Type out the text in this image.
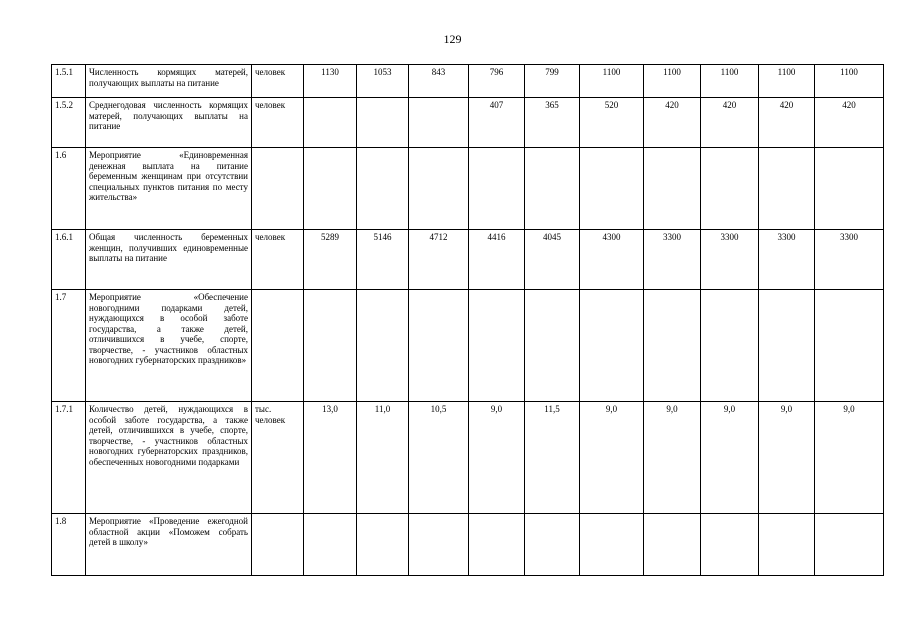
129
1.5.1	Численность кормящих матерей, получающих выплаты на питание	человек	1130	1053	843	796	799	1100	1100	1100	1100	1100
1.5.2	Среднегодовая численность кормящих матерей, получающих выплаты на питание	человек				407	365	520	420	420	420	420
1.6	Мероприятие «Единовременная денежная выплата на питание беременным женщинам при отсутствии специальных пунктов питания по месту жительства»											
1.6.1	Общая численность беременных женщин, получивших единовременные выплаты на питание	человек	5289	5146	4712	4416	4045	4300	3300	3300	3300	3300
1.7	Мероприятие «Обеспечение новогодними подарками детей, нуждающихся в особой заботе государства, а также детей, отличившихся в учебе, спорте, творчестве, - участников областных новогодних губернаторских праздников»											
1.7.1	Количество детей, нуждающихся в особой заботе государства, а также детей, отличившихся в учебе, спорте, творчестве, - участников областных новогодних губернаторских праздников, обеспеченных новогодними подарками	тыс. человек	13,0	11,0	10,5	9,0	11,5	9,0	9,0	9,0	9,0	9,0
1.8	Мероприятие «Проведение ежегодной областной акции «Поможем собрать детей в школу»											
